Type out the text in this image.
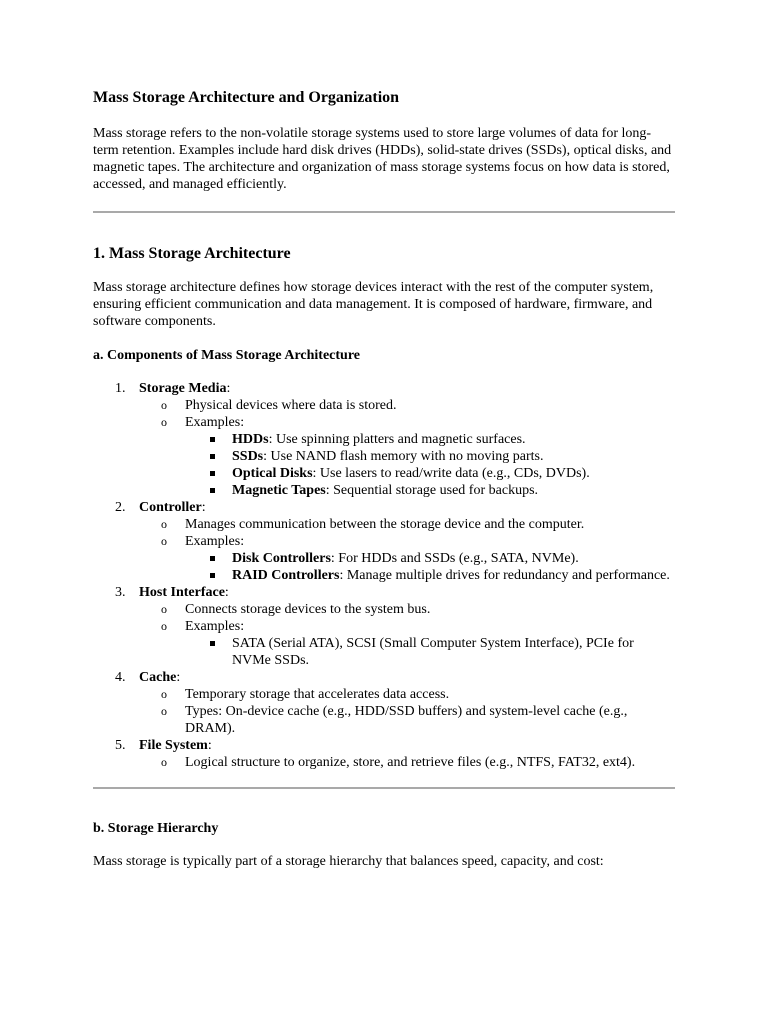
Mass Storage Architecture and Organization

Mass storage refers to the non-volatile storage systems used to store large volumes of data for long-term retention. Examples include hard disk drives (HDDs), solid-state drives (SSDs), optical disks, and magnetic tapes. The architecture and organization of mass storage systems focus on how data is stored, accessed, and managed efficiently.

1. Mass Storage Architecture

Mass storage architecture defines how storage devices interact with the rest of the computer system, ensuring efficient communication and data management. It is composed of hardware, firmware, and software components.

a. Components of Mass Storage Architecture
1. Storage Media:
o Physical devices where data is stored.
o Examples:
HDDs: Use spinning platters and magnetic surfaces.
SSDs: Use NAND flash memory with no moving parts.
Optical Disks: Use lasers to read/write data (e.g., CDs, DVDs).
Magnetic Tapes: Sequential storage used for backups.
2. Controller:
o Manages communication between the storage device and the computer.
o Examples:
Disk Controllers: For HDDs and SSDs (e.g., SATA, NVMe).
RAID Controllers: Manage multiple drives for redundancy and performance.
3. Host Interface:
o Connects storage devices to the system bus.
o Examples:
SATA (Serial ATA), SCSI (Small Computer System Interface), PCIe for NVMe SSDs.
4. Cache:
o Temporary storage that accelerates data access.
o Types: On-device cache (e.g., HDD/SSD buffers) and system-level cache (e.g., DRAM).
5. File System:
o Logical structure to organize, store, and retrieve files (e.g., NTFS, FAT32, ext4).
b. Storage Hierarchy

Mass storage is typically part of a storage hierarchy that balances speed, capacity, and cost:
